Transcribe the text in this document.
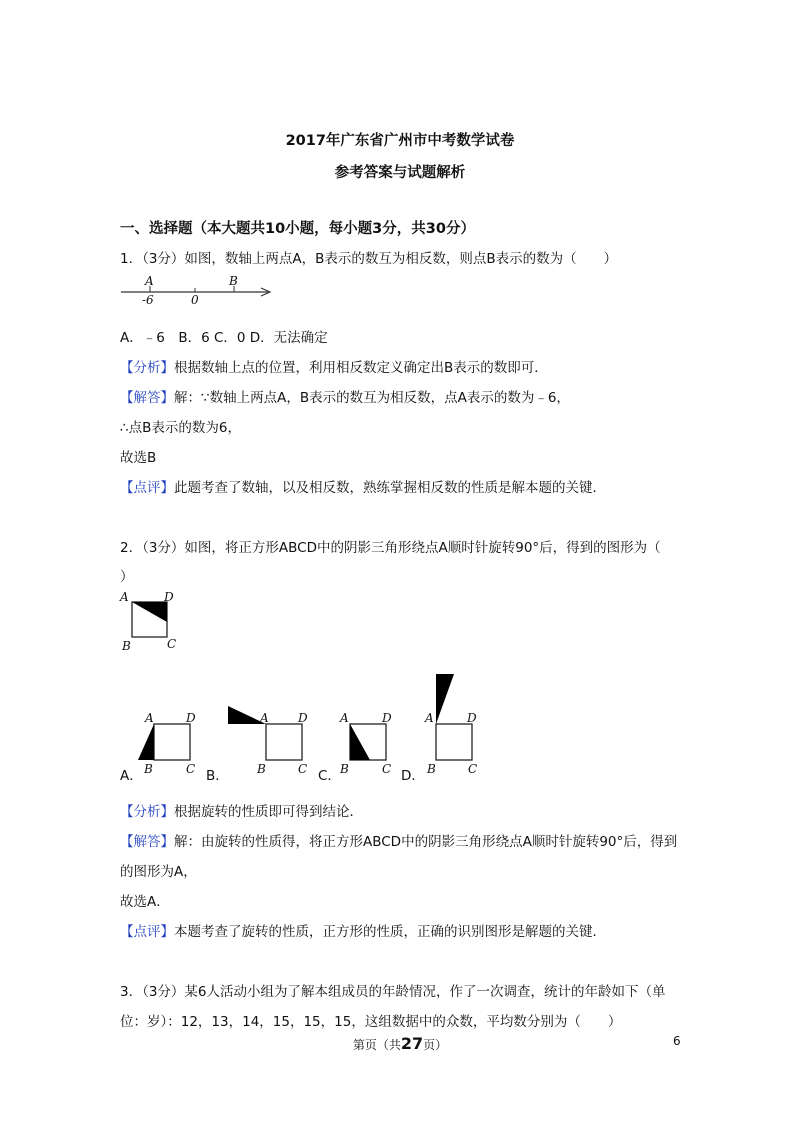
2017年广东省广州市中考数学试卷
参考答案与试题解析
一、选择题（本大题共10小题，每小题3分，共30分）
1．（3分）如图，数轴上两点A，B表示的数互为相反数，则点B表示的数为（　　）
A	B
-6	0
A．﹣6　B．6 C．0 D．无法确定
【分析】根据数轴上点的位置，利用相反数定义确定出B表示的数即可．
【解答】解：∵数轴上两点A，B表示的数互为相反数，点A表示的数为﹣6，
∴点B表示的数为6，
故选B
【点评】此题考查了数轴，以及相反数，熟练掌握相反数的性质是解本题的关键．
2．（3分）如图，将正方形ABCD中的阴影三角形绕点A顺时针旋转90°后，得到的图形为（
）
A	D
B	C
A	D
B	C
A．
A D
B	C
B．
A	D
B	C
C．
A	D
B	C
D．
【分析】根据旋转的性质即可得到结论．
【解答】解：由旋转的性质得，将正方形ABCD中的阴影三角形绕点A顺时针旋转90°后，得到
的图形为A，
故选A．
【点评】本题考查了旋转的性质，正方形的性质，正确的识别图形是解题的关键．
3．（3分）某6人活动小组为了解本组成员的年龄情况，作了一次调查，统计的年龄如下（单
位：岁）：12，13，14，15，15，15，这组数据中的众数，平均数分别为（　　）
第页（共27页）	6
